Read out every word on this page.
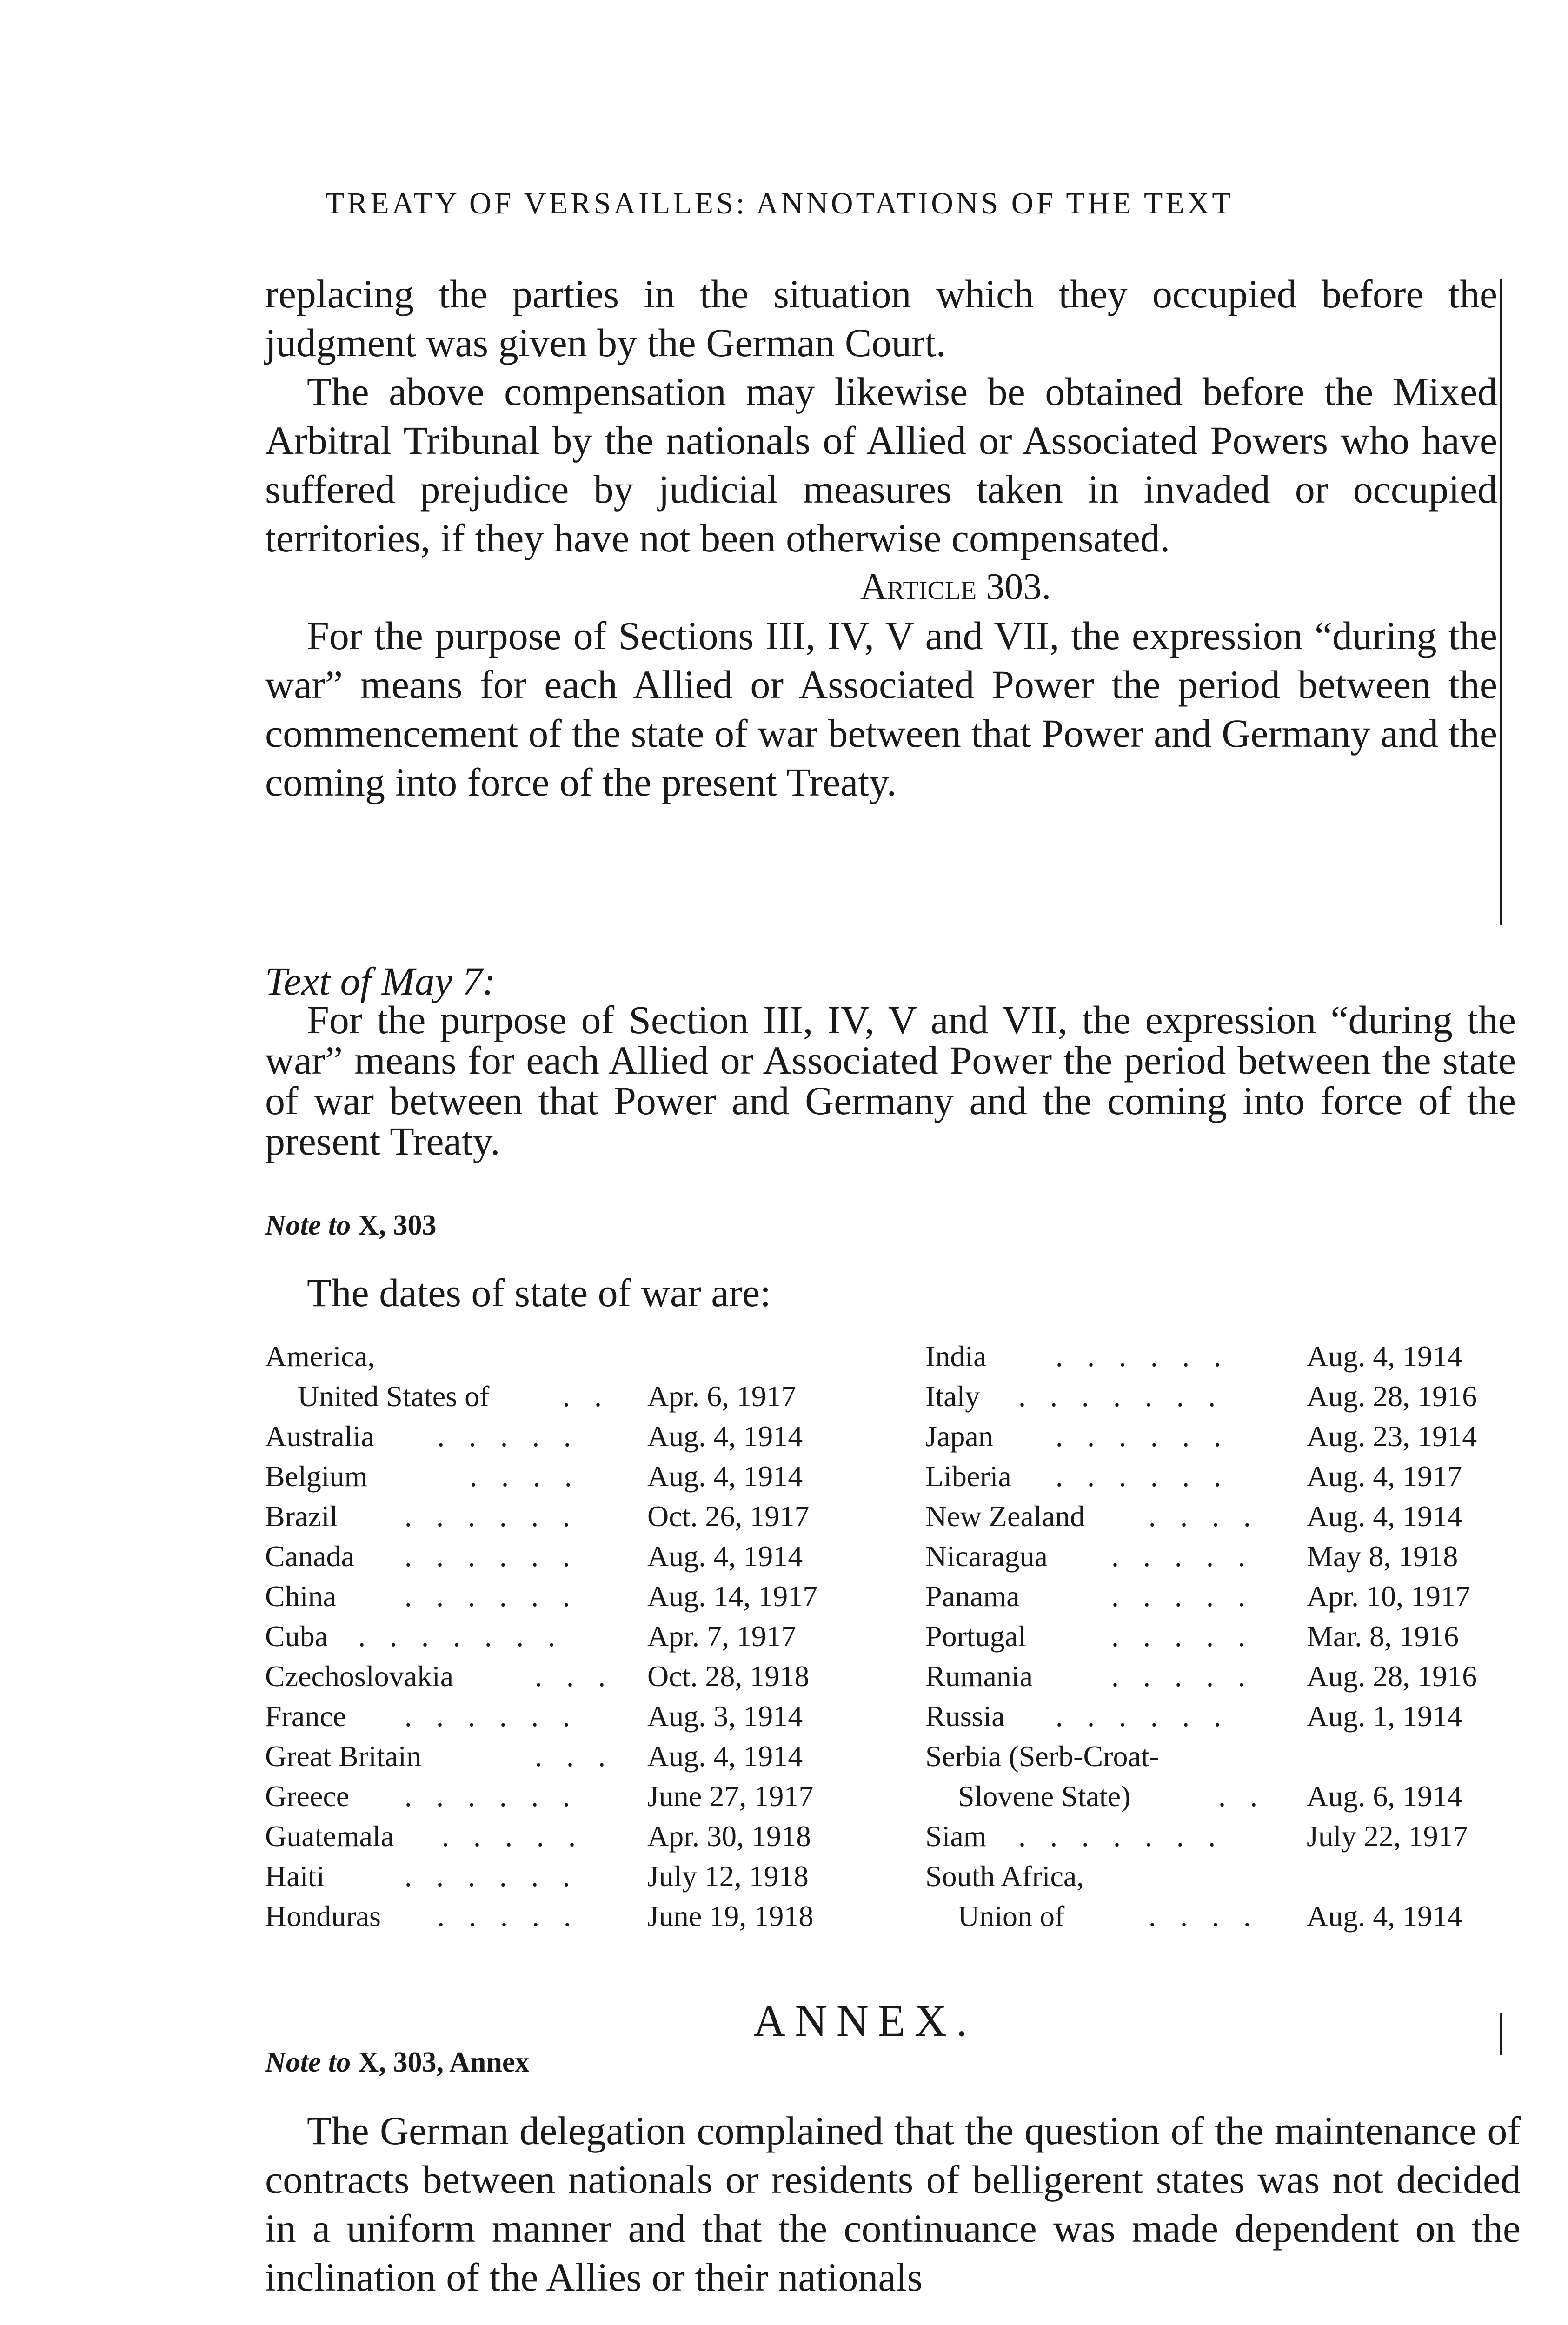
TREATY OF VERSAILLES: ANNOTATIONS OF THE TEXT

replacing the parties in the situation which they occupied before the judgment was given by the German Court.

The above compensation may likewise be obtained before the Mixed Arbitral Tribunal by the nationals of Allied or Associated Powers who have suffered prejudice by judicial measures taken in invaded or occupied territories, if they have not been otherwise compensated.

Article 303.

For the purpose of Sections III, IV, V and VII, the expression “during the war” means for each Allied or Associated Power the period between the commencement of the state of war between that Power and Germany and the coming into force of the present Treaty.

Text of May 7:

For the purpose of Section III, IV, V and VII, the expression “during the war” means for each Allied or Associated Power the period between the state of war between that Power and Germany and the coming into force of the present Treaty.

Note to X, 303
The dates of state of war are:
America,
United States of . . Apr. 6, 1917
Australia . . . . . Aug. 4, 1914
Belgium	. . . . Aug. 4, 1914
Brazil . . . . . . Oct. 26, 1917
Canada . . . . . . Aug. 4, 1914
China . . . . . . Aug. 14, 1917
Cuba . . . . . . .	Apr. 7, 1917
Czechoslovakia	. . . Oct. 28, 1918
France . . . . . . Aug. 3, 1914
Great Britain	. . . Aug. 4, 1914
Greece . . . . . . June 27, 1917
Guatemala . . . . . Apr. 30, 1918
Haiti	. . . . . . July 12, 1918
Honduras . . . . . June 19, 1918
India . . . . . .	Aug. 4, 1914
Italy . . . . . . .	Aug. 28, 1916
Japan . . . . . .	Aug. 23, 1914
Liberia . . . . . .	Aug. 4, 1917
New Zealand . . . . Aug. 4, 1914
Nicaragua . . . . . May 8, 1918
Panama	. . . . . Apr. 10, 1917
Portugal	. . . . . Mar. 8, 1916
Rumania	. . . . . Aug. 28, 1916
Russia . . . . . .	Aug. 1, 1914
Serbia (Serb-Croat-
Slovene State)	. . Aug. 6, 1914
Siam . . . . . . .	July 22, 1917
South Africa,
Union of	. . . . Aug. 4, 1914
ANNEX.
Note to X, 303, Annex

The German delegation complained that the question of the maintenance of contracts between nationals or residents of belligerent states was not decided in a uniform manner and that the continuance was made dependent on the inclination of the Allies or their nationals
